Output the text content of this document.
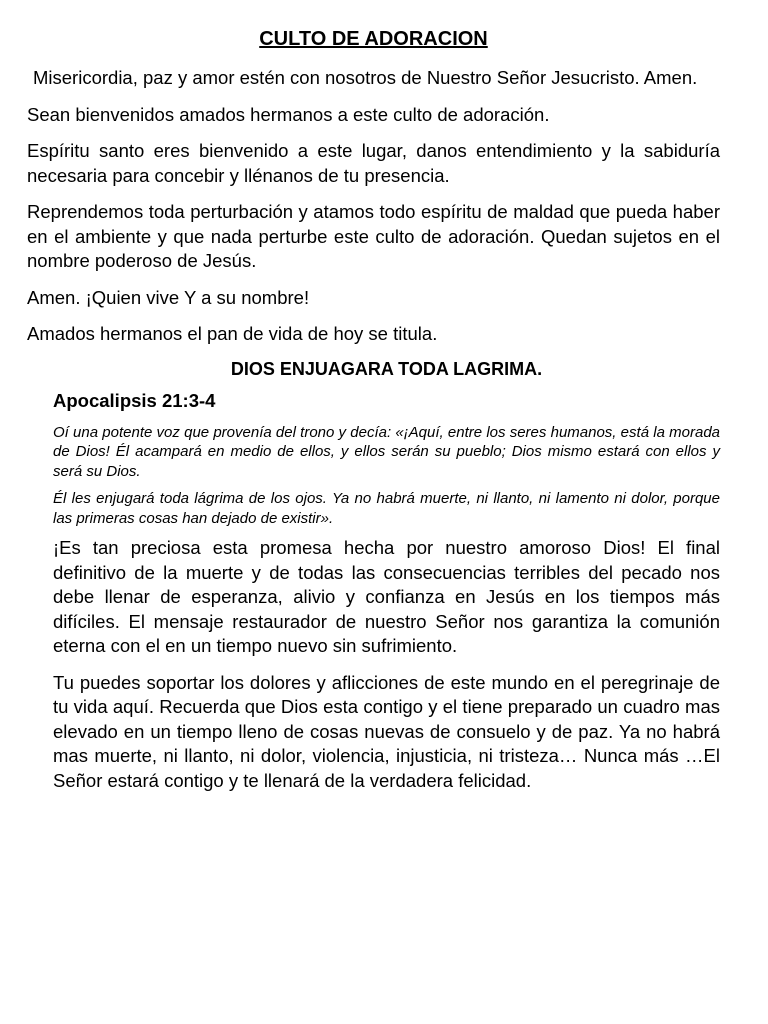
CULTO DE ADORACION

Misericordia, paz y amor estén con nosotros de Nuestro Señor Jesucristo. Amen.

Sean bienvenidos amados hermanos a este culto de adoración.

Espíritu santo eres bienvenido a este lugar, danos entendimiento y la sabiduría necesaria para concebir y llénanos de tu presencia.

Reprendemos toda perturbación y atamos todo espíritu de maldad que pueda haber en el ambiente y que nada perturbe este culto de adoración. Quedan sujetos en el nombre poderoso de Jesús.

Amen. ¡Quien vive Y a su nombre!

Amados hermanos el pan de vida de hoy se titula.

DIOS ENJUAGARA TODA LAGRIMA.
Apocalipsis 21:3-4

Oí una potente voz que provenía del trono y decía: «¡Aquí, entre los seres humanos, está la morada de Dios! Él acampará en medio de ellos, y ellos serán su pueblo; Dios mismo estará con ellos y será su Dios.

Él les enjugará toda lágrima de los ojos. Ya no habrá muerte, ni llanto, ni lamento ni dolor, porque las primeras cosas han dejado de existir».

¡Es tan preciosa esta promesa hecha por nuestro amoroso Dios! El final definitivo de la muerte y de todas las consecuencias terribles del pecado nos debe llenar de esperanza, alivio y confianza en Jesús en los tiempos más difíciles. El mensaje restaurador de nuestro Señor nos garantiza la comunión eterna con el en un tiempo nuevo sin sufrimiento.

Tu puedes soportar los dolores y aflicciones de este mundo en el peregrinaje de tu vida aquí. Recuerda que Dios esta contigo y el tiene preparado un cuadro mas elevado en un tiempo lleno de cosas nuevas de consuelo y de paz. Ya no habrá mas muerte, ni llanto, ni dolor, violencia, injusticia, ni tristeza… Nunca más …El Señor estará contigo y te llenará de la verdadera felicidad.
